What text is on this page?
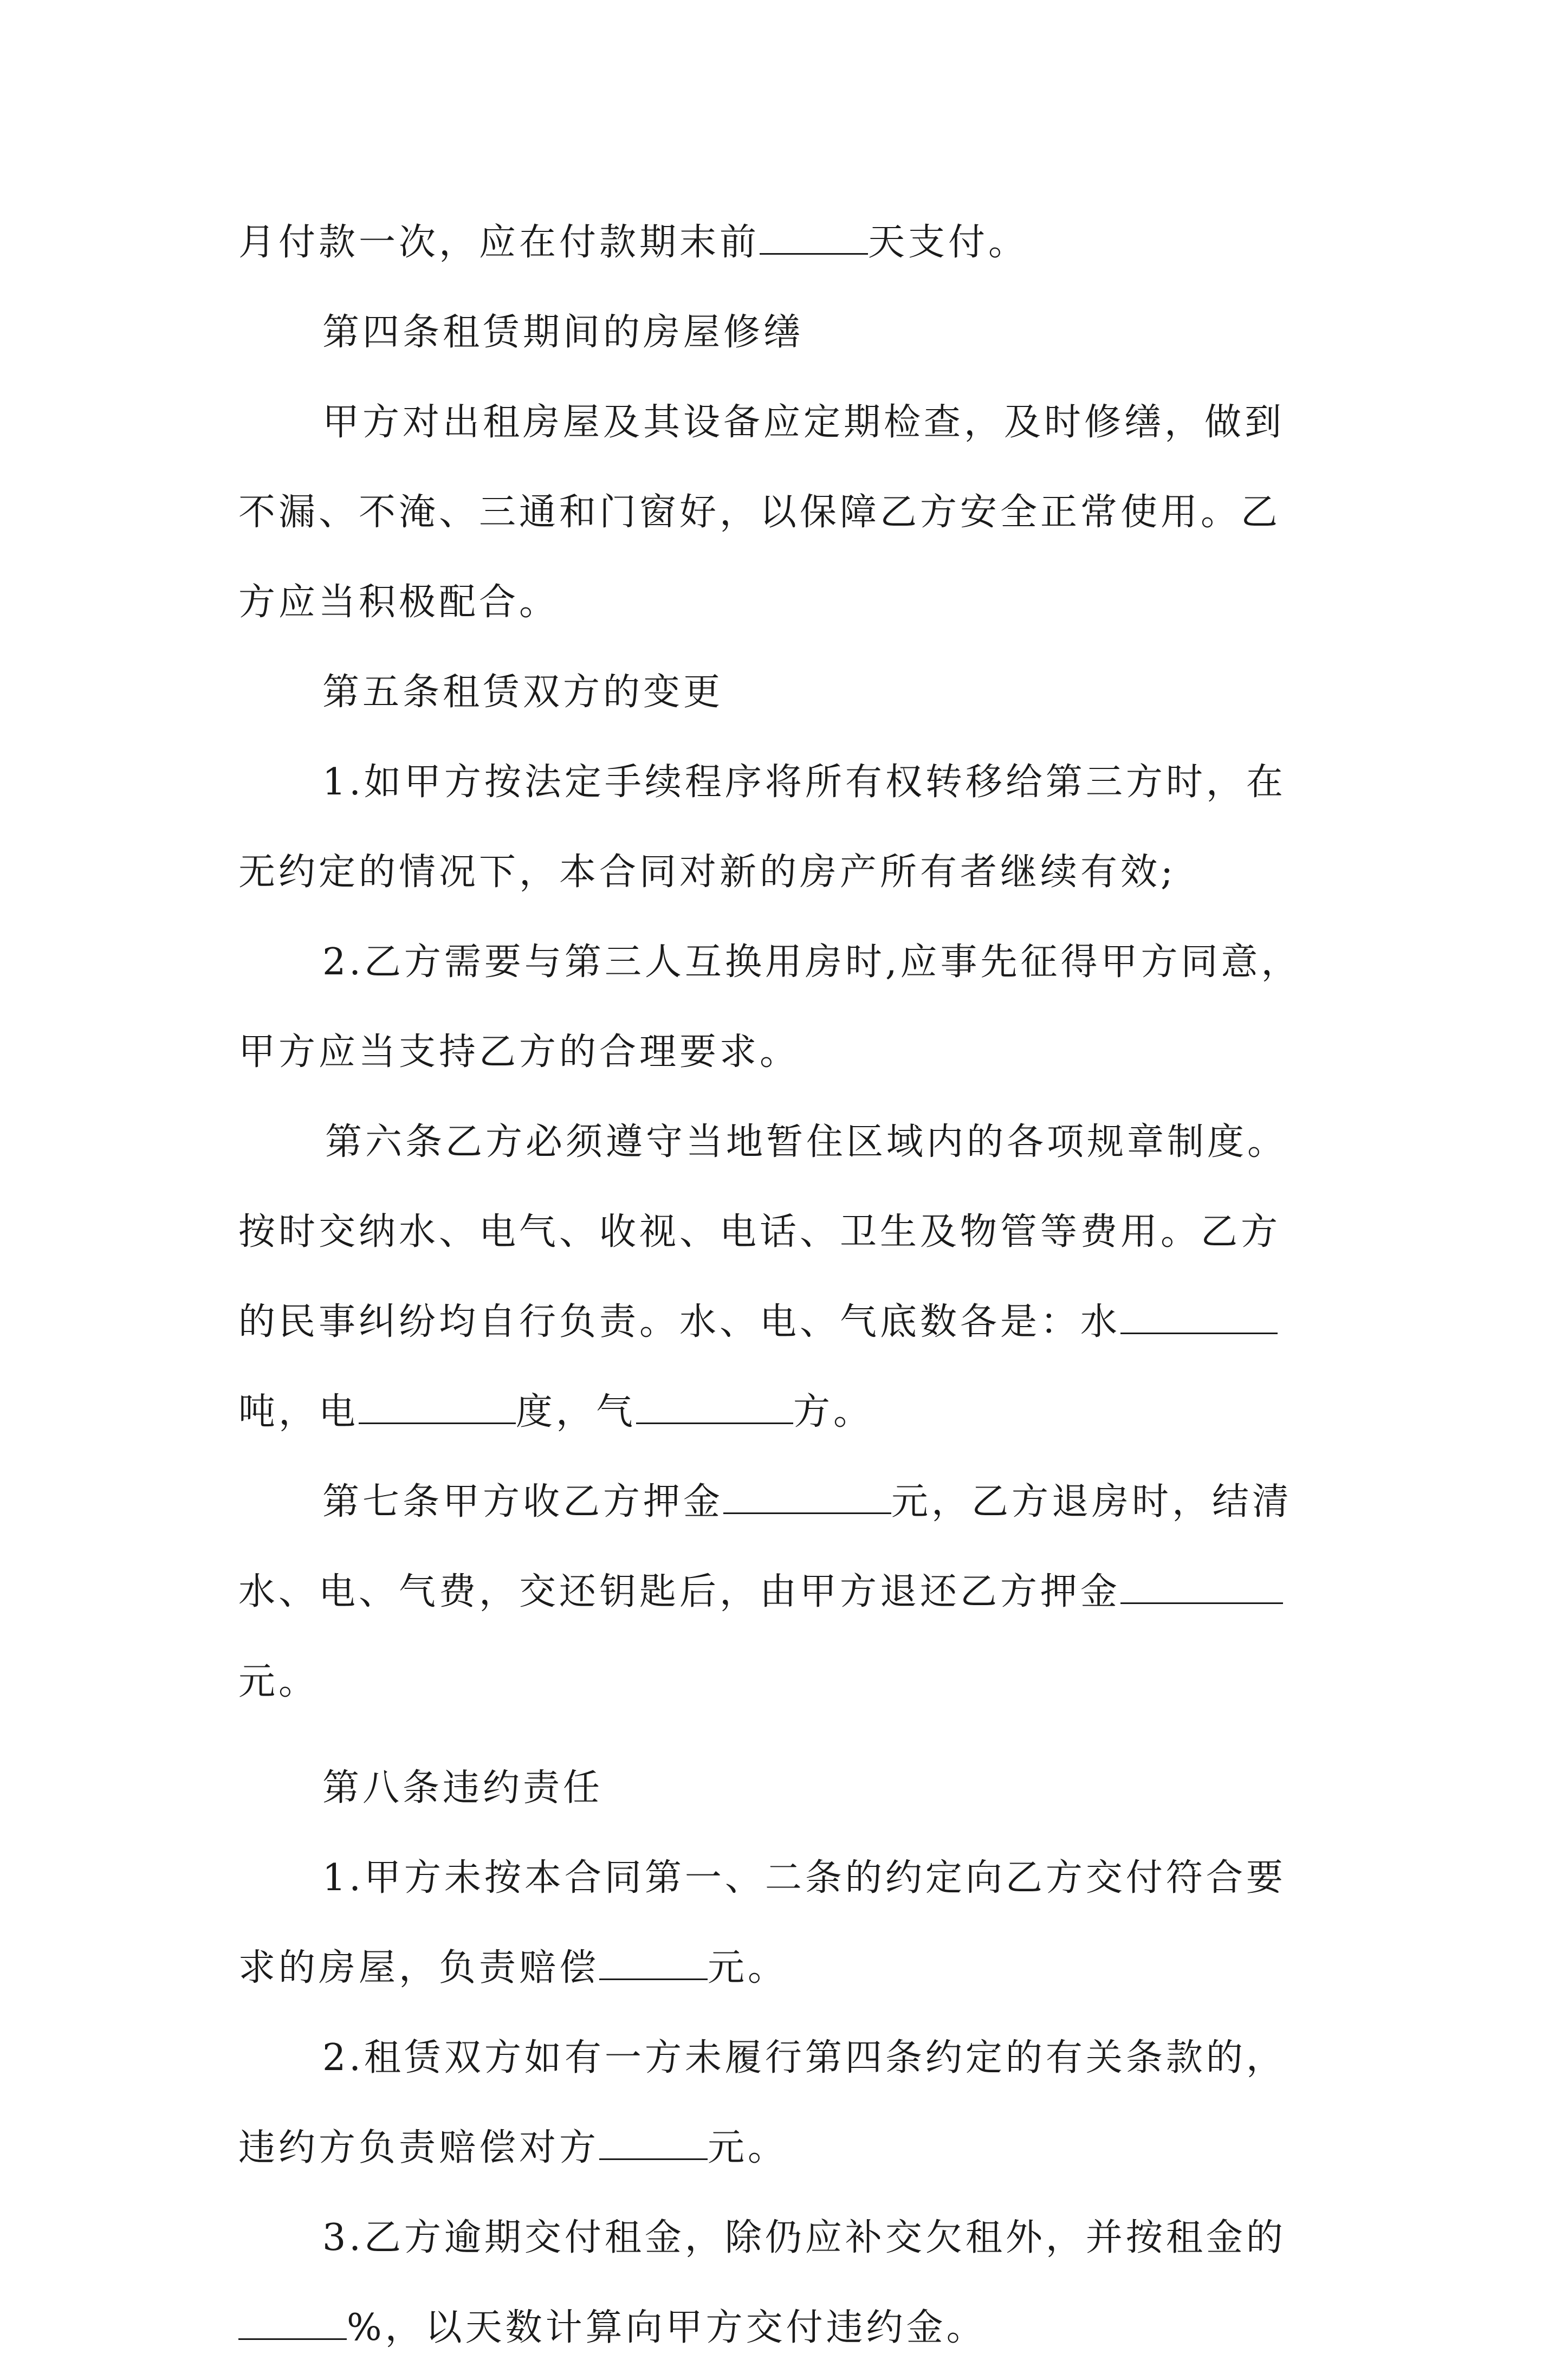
月付款一次，应在付款期末前	天支付。
第四条租赁期间的房屋修缮
甲方对出租房屋及其设备应定期检查，及时修缮，做到
不漏、不淹、三通和门窗好，以保障乙方安全正常使用。乙
方应当积极配合。
第五条租赁双方的变更
1.如甲方按法定手续程序将所有权转移给第三方时，在
无约定的情况下，本合同对新的房产所有者继续有效;
2.乙方需要与第三人互换用房时,应事先征得甲方同意，
甲方应当支持乙方的合理要求。
第六条乙方必须遵守当地暂住区域内的各项规章制度。
按时交纳水、电气、收视、电话、卫生及物管等费用。乙方
的民事纠纷均自行负责。水、电、气底数各是：水
吨，电	度，气	方。
第七条甲方收乙方押金	元，乙方退房时，结清
水、电、气费，交还钥匙后，由甲方退还乙方押金
元。
第八条违约责任
1.甲方未按本合同第一、二条的约定向乙方交付符合要
求的房屋，负责赔偿	元。
2.租赁双方如有一方未履行第四条约定的有关条款的，
违约方负责赔偿对方	元。
3.乙方逾期交付租金，除仍应补交欠租外，并按租金的
%，以天数计算向甲方交付违约金。
